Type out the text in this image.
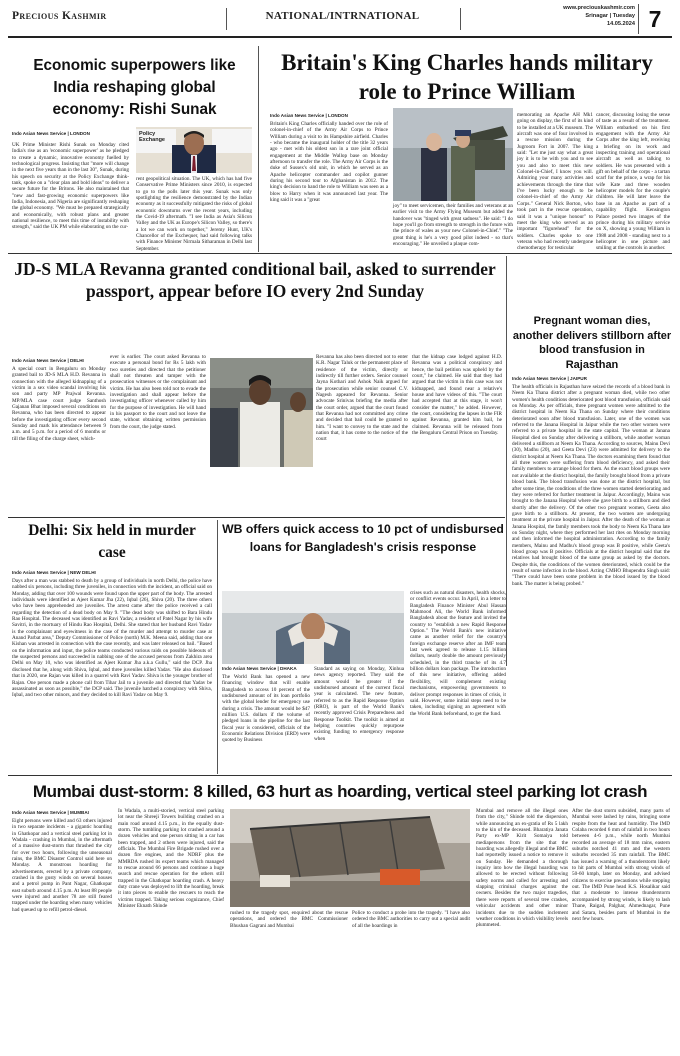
Precious Kashmir	NATIONAL/INTRNATIONAL
www.preciouskashmir.com
Srinagar | Tuesday
14.05.2024 7
Economic superpowers like India reshaping global economy: Rishi Sunak
Indo Asian News Service | LONDON	Policy Exchange
UK Prime Minister Rishi Sunak on Monday cited India's rise as an 'economic superpower' as he pledged to create a dynamic, innovative economy fuelled by technological progress. Insisting that "more will change in the next five years than in the last 30", Sunak, during his speech on security at the Policy Exchange think-tank, spoke on a "clear plan and bold ideas" to deliver a secure future for the Britons. He also maintained that "new and fast-growing economic superpowers like India, Indonesia, and Nigeria are significantly reshaping the global economy. "We must be prepared strategically and economically, with robust plans and greater national resilience, to meet this time of instability with strength," said the UK PM while elaborating on the cur-
rent geopolitical situation. The UK, which has had five Conservative Prime Ministers since 2010, is expected to go to the polls later this year. Sunak was only spotlighting the resilience demonstrated by the Indian economy as it successfully mitigated the risks of global economic downturns over the recent years, including the Covid-19 aftermath. "I see India as Asia's Silicon Valley and the UK as Europe's Silicon Valley, so there's a lot we can work on together," Jeremy Hunt, UK's Chancellor of the Exchequer, had said following talks with Finance Minister Nirmala Sitharaman in Delhi last September.
Britain's King Charles hands military role to Prince William
Indo Asian News Service | LONDON
Britain's King Charles officially handed over the role of colonel-in-chief of the Army Air Corps to Prince William during a visit to its Hampshire airfield. Charles - who became the inaugural holder of the title 32 years ago - met with his oldest son in a rare joint official engagement at the Middle Wallop base on Monday afternoon to transfer the role. The Army Air Corps is the duke of Sussex's old unit, in which he served as an Apache helicopter commander and copilot gunner during his second tour to Afghanistan in 2012. The king's decision to hand the role to William was seen as a blow to Harry when it was announced last year. The king said it was a "great
joy" to meet servicemen, their families and veterans at an earlier visit to the Army Flying Museum but added the handover was "tinged with great sadness". He said: "I do hope you'll go from strength to strength in the future with the prince of wales as your new Colonel-in-Chief." "The great thing is he's a very good pilot indeed - so that's encouraging." He unveiled a plaque com-
memorating an Apache AH Mk1 going on display, the first of its kind to be installed at a UK museum. The aircraft was one of four involved in a rescue mission during the Jugroom Fort in 2007. The king said: "Let me just say what a great joy it is to be with you and to see you and also to meet this new Colonel-in-Chief, I know you will. Admiring your many activities and achievements through the time that I've been lucky enough to be colonel-in-chief of the Army Air Corps." General Nick Borton, who took part in the rescue operation, said it was a "unique honour" to meet the king who served as an important "figurehead" for the soldiers. Charles spoke to one veteran who had recently undergone chemotherapy for testicular
cancer, discussing losing the sense of taste as a result of the treatment. William embarked on his first engagement with the Army Air Corps after the king left, receiving a briefing on its work and inspecting training and operational aircraft as well as talking to soldiers. He was presented with a gift on behalf of the corps - a tartan scarf for the prince, a wrap for his wife Kate and three wooden helicopter models for the couple's children. He will later leave the base in an Apache as part of a capability flight. Kensington Palace posted two images of the prince during his military service on X, showing a young William in 1988 and 2008 - standing next to a helicopter in one picture and smiling at the controls in another.
JD-S MLA Revanna granted conditional bail, asked to surrender passport, appear before IO every 2nd Sunday
Indo Asian News Service | DELHI
A special court in Bengaluru on Monday granted bail to JD-S MLA H.D. Revanna in connection with the alleged kidnapping of a victim in a sex video scandal involving his son and party MP Prajwal Revanna. MP/MLA case court judge Santhosh Gajanan Bhat imposed several conditions on Revanna, who has been directed to appear before the investigating officer every second Sunday and mark his attendance between 9 a.m. and 5 p.m. for a period of 6 months or till the filing of the charge sheet, which-
ever is earlier. The court asked Revanna to execute a personal bond for Rs 5 lakh with two sureties and directed that the petitioner shall not threaten and tamper with the prosecution witnesses or the complainant and victim. He has also been told not to evade the investigation and shall appear before the investigating officer whenever called by him for the purpose of investigation. He will hand in his passport to the court and not leave the state, without obtaining written permission from the court, the judge stated.
Revanna has also been directed not to enter K.R. Nagar Taluk or the permanent place of residence of the victim, directly or indirectly till further orders. Senior counsel Jayna Kothari and Ashok Naik argued for the prosecution while senior counsel C.V. Nagesh appeared for Revanna. Senior advocate Srinivas briefing the media after the court order, argued that the court found that Revanna had not committed any crime and decided that bail could be granted to him. "I want to convey to the state and the nation that, it has come to the notice of the court
that the kidnap case lodged against H.D. Revanna was a political conspiracy and hence, the bail petition was upheld by the court," he claimed. He said that they had argued that the victim in this case was not kidnapped, and found near a relative's house and have videos of this. "The court had accepted that at this stage, it won't consider the matter," he added. However, the court, considering the lapses in the FIR against Revanna, granted him bail, he claimed. Revanna will be released from the Bengaluru Central Prison on Tuesday.
Pregnant woman dies, another delivers stillborn after blood transfusion in Rajasthan
Indo Asian News Service | JAIPUR
The health officials in Rajasthan have seized the records of a blood bank in Neem Ka Thana district after a pregnant woman died, while two other women's health conditions deteriorated post blood transfusion, officials said on Monday. As per officials, three pregnant women were admitted to the district hospital in Neem Ka Thana on Sunday where their conditions deteriorated soon after blood transfusion. Later, one of the women was referred to the Janana Hospital in Jaipur while the two other women were referred to a private hospital in the state capital. The woman at Janana Hospital died on Sunday after delivering a stillborn, while another woman delivered a stillborn at Neem Ka Thana. According to sources, Mainu Devi (30), Madhu (20), and Geeta Devi (23) were admitted for delivery to the district hospital at Neem Ka Thana. The doctors examining them found that all three women were suffering from blood deficiency, and asked their family members to arrange blood for them. As the exact blood groups were not available at the district hospital, the family brought blood from a private blood bank. The blood transfusion was done at the district hospital, but after some time, the conditions of the three women started deteriorating and they were referred for further treatment in Jaipur. Accordingly, Mainu was brought to the Janana Hospital where she gave birth to a stillborn and died shortly after the delivery. Of the other two pregnant women, Geeta also gave birth to a stillborn. At present, the two women are undergoing treatment at the private hospital in Jaipur. After the death of the woman at Janana Hospital, the family members took the body to Neem Ka Thana late on Sunday night, where they performed her last rites on Monday morning and then informed the hospital administration. According to the family members, Mainu and Madhu's blood group was B positive, while Geeta's blood group was B positive. Officials at the district hospital said that the relatives had brought blood of the same group as asked by the doctors. Despite this, the conditions of the women deteriorated, which could be the result of some infection in the blood. Acting CMHO Bhupendra Singh said: "There could have been some problem in the blood issued by the blood bank. The matter is being probed."
Delhi: Six held in murder case
Indo Asian News Service | NEW DELHI
Days after a man was stabbed to death by a group of individuals in north Delhi, the police have nabbed six persons, including three juveniles, in connection with the incident, an official said on Monday, adding that over 100 wounds were found upon the upper part of the body. The arrested individuals were identified as Ajeet Kumar Jha (22), Iqbal (26), Shiva (20). The three others who have been apprehended are juveniles. The arrest came after the police received a call regarding the detection of a dead body on May 9. "The dead body was shifted to Bara Hindu Rao Hospital. The deceased was identified as Ravi Yadav, a resident of Patel Nagar by his wife Savitri, in the mortuary of Hindu Rao Hospital, Delhi. She stated that her husband Ravi Yadav is the complainant and eyewitness in the case of the murder and attempt to murder case at Anand Parbat area," Deputy Commissioner of Police (north) M.K. Meena said, adding that one Kishan was arrested in connection with the case recently, and was later released on bail. "Based on the information and input, the police teams conducted various raids on possible hideouts of the suspected persons and succeeded in nabbing one of the accused persons from Zakhira area Delhi on May 10, who was identified as Ajeet Kumar Jha a.k.a Gullu," said the DCP. Jha disclosed that he, along with Shiva, Iqbal, and three juveniles killed Yadav. "He also disclosed that in 2020, one Rajan was killed in a quarrel with Ravi Yadav. Shiva is the younger brother of Rajan. One person made a phone call from Tihar Jail to a juvenile and directed that Yadav be assassinated as soon as possible," the DCP said. The juvenile hatched a conspiracy with Shiva, Iqbal, and two other minors, and they decided to kill Ravi Yadav on May 9.
WB offers quick access to 10 pct of undisbursed loans for Bangladesh's crisis response
Indo Asian News Service | DHAKA
The World Bank has opened a new financing window that will enable Bangladesh to access 10 percent of the undisbursed amount of its loan portfolio with the global lender for emergency use during a crisis. The amount would be $47 million U.S. dollars if the volume of pledged loans in the pipeline for the last fiscal year is considered, officials of the Economic Relations Division (ERD) were quoted by Business
Standard as saying on Monday, Xinhua news agency reported. They said the amount would be greater if the undisbursed amount of the current fiscal year is calculated. The new feature, referred to as the Rapid Response Option (RRO), is part of the World Bank's recently approved Crisis Preparedness and Response Toolkit. The toolkit is aimed at helping countries quickly repurpose existing funding to emergency response when
crises such as natural disasters, health shocks, or conflict events occur. In April, in a letter to Bangladesh Finance Minister Abul Hassan Mahmood Ali, the World Bank informed Bangladesh about the feature and invited the country to "establish a new Rapid Response Option." The World Bank's new initiative came as another relief for the country's foreign exchange reserve after an IMF team last week agreed to release 1.15 billion dollars, nearly double the amount previously scheduled, in the third tranche of its 4.7 billion dollars loan package. The introduction of this new initiative, offering added flexibility, will complement existing mechanisms, empowering governments to deliver prompt responses in times of crisis, it said. However, some initial steps need to be taken, including signing an agreement with the World Bank beforehand, to get the fund.
Mumbai dust-storm: 8 killed, 63 hurt as hoarding, vertical steel parking lot crash
Indo Asian News Service | MUMBAI
Eight persons were killed and 63 others injured in two separate incidents - a gigantic hoarding in Ghatkopar and a vertical steel parking lot in Wadala - crashing in Mumbai, in the aftermath of a massive dust-storm that thrashed the city for over two hours, following the unseasonal rains, the BMC Disaster Control said here on Monday. A monstrous hoarding for advertisements, erected by a private company, crashed in the gusty winds on several houses and a petrol pump in Pant Nagar, Ghatkopar east suburb around 4.15 p.m. At least 88 people were injured and another 78 are still feared trapped under the hoarding when many vehicles had queued up to refill petrol-diesel.
In Wadala, a multi-storied, vertical steel parking lot near the Shreeji Towers building crashed on a main road around 4.15 p.m., in the equally dust-storm. The tumbling parking lot crashed around a dozen vehicles and one person sitting in a car has been trapped, and 2 others were injured, said the officials. The Mumbai Fire Brigade rushed over a dozen fire engines, and the NDRF plus the MMRDA rushed its expert teams which managed to rescue around 66 persons and continue a huge search and rescue operation for the others still trapped in the Ghatkopar hoarding crash. A heavy duty crane was deployed to lift the hoarding, break it into pieces to enable the rescuers to reach the victims trapped. Taking serious cognizance, Chief Minister Eknath Shinde
rushed to the tragedy spot, enquired about the rescue operations, and ordered the BMC Commissioner Bhushan Gagrani and Mumbai
Police to conduct a probe into the tragedy. "I have also ordered the BMC authorities to carry out a special audit of all the hoardings in
Mumbai and remove all the illegal ones from the city," Shinde told the dispersion, while announcing an ex-gratia of Rs 5 lakh to the kin of the deceased. Bharatiya Janata Party ex-MP Kirit Somaiya told mediapersons from the site that the hoarding was allegedly illegal and the BMC had reportedly issued a notice to remove it on Sunday. He demanded a thorough inquiry into how the illegal hoarding was allowed to be erected without following safety norms and called for arresting and slapping criminal charges against the owners. Besides the two major tragedies, there were reports of several tree crashes, vehicular accidents and other minor incidents due to the sudden inclement weather conditions in which visibility levels plummeted.
After the dust storm subsided, many parts of Mumbai were lashed by rains, bringing some respite from the heat and humidity. The IMD Colaba recorded 6 mm of rainfall in two hours between 4-6 p.m., while north Mumbai recorded an average of 18 mm rains, eastern suburbs notched 41 mm and the western suburbs recorded 35 mm rainfall. The BMC has issued a warning of a thunderstorm likely to hit parts of Mumbai with strong winds of 50-60 kmph, later on Monday, and advised citizens to exercise precautions while stepping out. The IMD Pune head K.S. Hosalikar said that a moderate to intense thunderstorm accompanied by strong winds, is likely to lash Thane, Raigad, Palghar, Ahmednagar, Pune and Satara, besides parts of Mumbai in the next few hours.
